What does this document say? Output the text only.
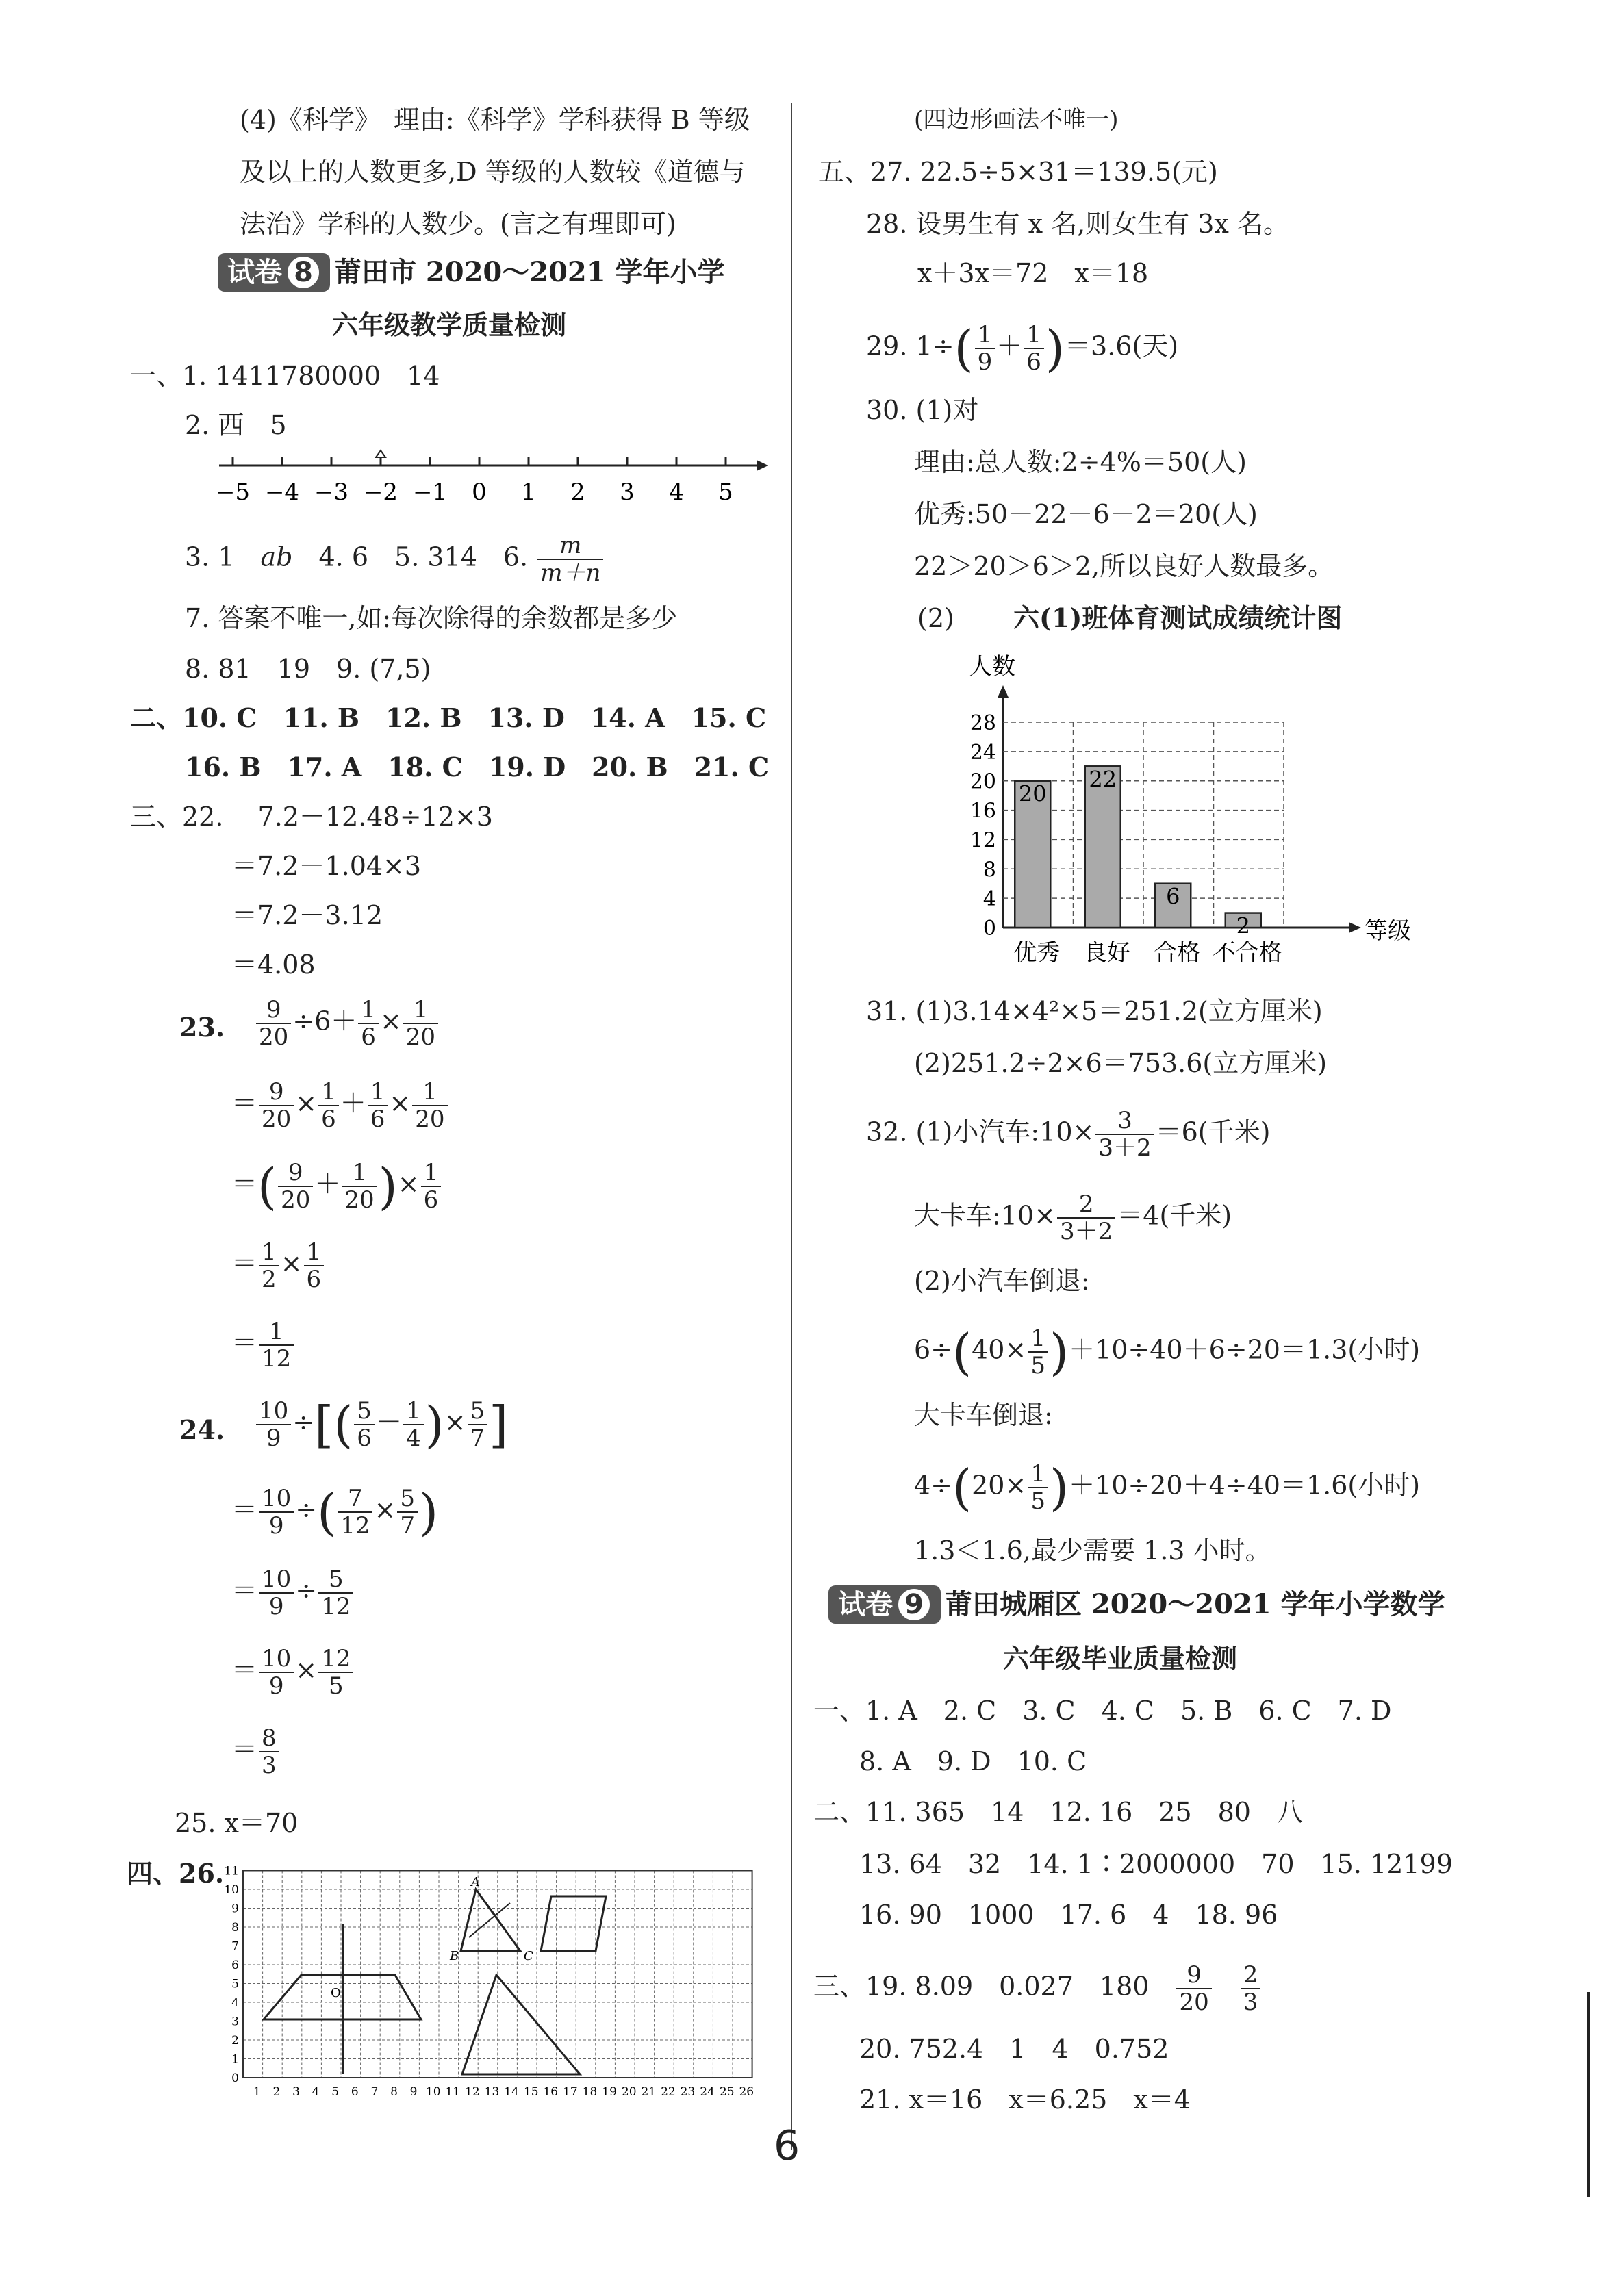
(4)《科学》　理由:《科学》学科获得 B 等级
及以上的人数更多,D 等级的人数较《道德与
法治》学科的人数少。(言之有理即可)
试卷 8 莆田市 2020～2021 学年小学
六年级教学质量检测
一、1. 1411780000　14
2. 西　5
−5 −4 −3 −2 −1 0 1 2 3 4 5
3. 1　ab　4. 6　5. 314　6. $\frac{m}{m+n}$
7. 答案不唯一,如:每次除得的余数都是多少
8. 81　19　9. (7,5)
二、10. C　11. B　12. B　13. D　14. A　15. C
16. B　17. A　18. C　19. D　20. B　21. C
三、22.　 7.2－12.48÷12×3
＝7.2－1.04×3
＝7.2－3.12
＝4.08
23. $\frac{9}{20} \div 6+ \frac{1}{6} \times \frac{1}{20}$
＝ $\frac{9}{20} \times \frac{1}{6} + \frac{1}{6} \times \frac{1}{20}$
＝( $\frac{9}{20} + \frac{1}{20}$ )× $\frac{1}{6}$
＝ $\frac{1}{2} \times \frac{1}{6}$
＝ $\frac{1}{12}$
24. $\frac{10}{9}$ ÷[( $\frac{5}{6} - \frac{1}{4}$ )× $\frac{5}{7}$ ]
＝ $\frac{10}{9}$ ÷( $\frac{7}{12} \times \frac{5}{7}$ )
＝ $\frac{10}{9} \div \frac{5}{12}$
＝ $\frac{10}{9} \times \frac{12}{5}$
＝ $\frac{8}{3}$
25. x＝70
四、26.
1 2 3 4 5 6 7 8 9 10 11 12 13 14 15 16 17 18 19 20 21 22 23 24 25 26
0
1
2
3
4
5
6
7
8
9
10
11
A
B	C
O
(四边形画法不唯一)
五、27. 22.5÷5×31＝139.5(元)
28. 设男生有 x 名,则女生有 3x 名。
x＋3x＝72　x＝18
29. $1\div( \frac{1}{9} + \frac{1}{6} )=3.6$(天)
30. (1)对
理由:总人数:2÷4%＝50(人)
优秀:50－22－6－2＝20(人)
22＞20＞6＞2,所以良好人数最多。
(2) 六(1)班体育测试成绩统计图
人数
等级
0
4
8
12
16
20
24
28
20
优秀
22
良好
6
合格
2
不合格
31. (1)3.14×4²×5＝251.2(立方厘米)
(2)251.2÷2×6＝753.6(立方厘米)
32. (1)小汽车:10× $\frac{3}{3+2} =6$(千米)
大卡车:10× $\frac{2}{3+2} =4$(千米)
(2)小汽车倒退:
$6\div(40\times \frac{1}{5} )+10\div 40+6\div 20=1.3$(小时)
大卡车倒退:
$4\div(20\times \frac{1}{5} )+10\div 20+4\div 40=1.6$(小时)
1.3＜1.6,最少需要 1.3 小时。
试卷 9 莆田城厢区 2020～2021 学年小学数学
六年级毕业质量检测
一、1. A　2. C　3. C　4. C　5. B　6. C　7. D
8. A　9. D　10. C
二、11. 365　14　12. 16　25　80　八
13. 64　32　14. 1∶2000000　70　15. 12199
16. 90　1000　17. 6　4　18. 96
三、19. 8.09　0.027　180　 $\frac{9}{20}$
　 $\frac{2}{3}$
20. 752.4　1　4　0.752
21. x＝16　x＝6.25　x＝4
6
